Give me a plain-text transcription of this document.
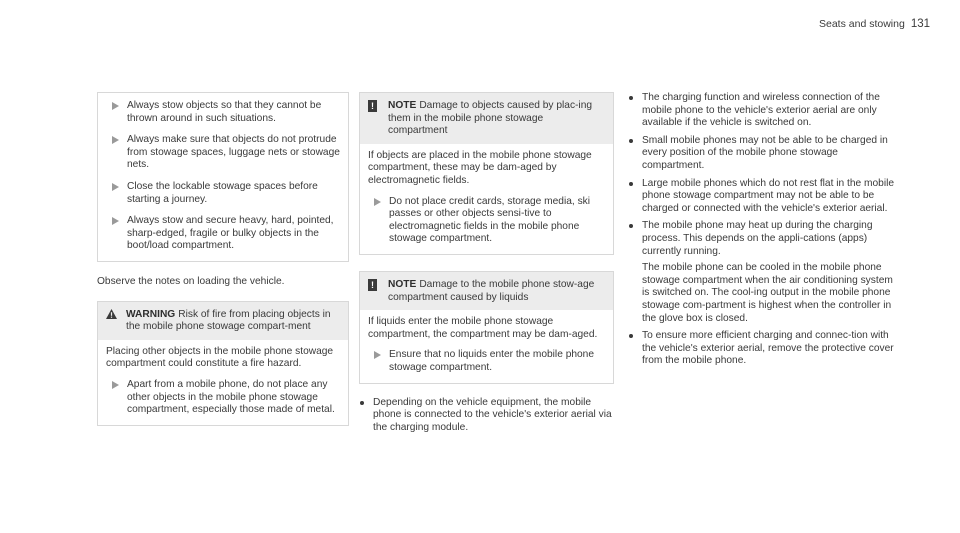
Seats and stowing 131
Always stow objects so that they cannot be thrown around in such situations.
Always make sure that objects do not protrude from stowage spaces, luggage nets or stowage nets.
Close the lockable stowage spaces before starting a journey.
Always stow and secure heavy, hard, pointed, sharp-edged, fragile or bulky objects in the boot/load compartment.

Observe the notes on loading the vehicle.

WARNING Risk of fire from placing objects in the mobile phone stowage compart-ment

Placing other objects in the mobile phone stowage compartment could constitute a fire hazard.

Apart from a mobile phone, do not place any other objects in the mobile phone stowage compartment, especially those made of metal.
!	NOTE Damage to objects caused by plac-ing them in the mobile phone stowage compartment

If objects are placed in the mobile phone stowage compartment, these may be dam-aged by electromagnetic fields.

Do not place credit cards, storage media, ski passes or other objects sensi-tive to electromagnetic fields in the mobile phone stowage compartment.
!	NOTE Damage to the mobile phone stow-age compartment caused by liquids

If liquids enter the mobile phone stowage compartment, the compartment may be dam-aged.

Ensure that no liquids enter the mobile phone stowage compartment.
Depending on the vehicle equipment, the mobile phone is connected to the vehicle's exterior aerial via the charging module.
The charging function and wireless connection of the mobile phone to the vehicle's exterior aerial are only available if the vehicle is switched on.
Small mobile phones may not be able to be charged in every position of the mobile phone stowage compartment.
Large mobile phones which do not rest flat in the mobile phone stowage compartment may not be able to be charged or connected with the vehicle's exterior aerial.
The mobile phone may heat up during the charging process. This depends on the appli-cations (apps) currently running.

The mobile phone can be cooled in the mobile phone stowage compartment when the air conditioning system is switched on. The cool-ing output in the mobile phone stowage com-partment is highest when the controller in the glove box is closed.

To ensure more efficient charging and connec-tion with the vehicle's exterior aerial, remove the protective cover from the mobile phone.
